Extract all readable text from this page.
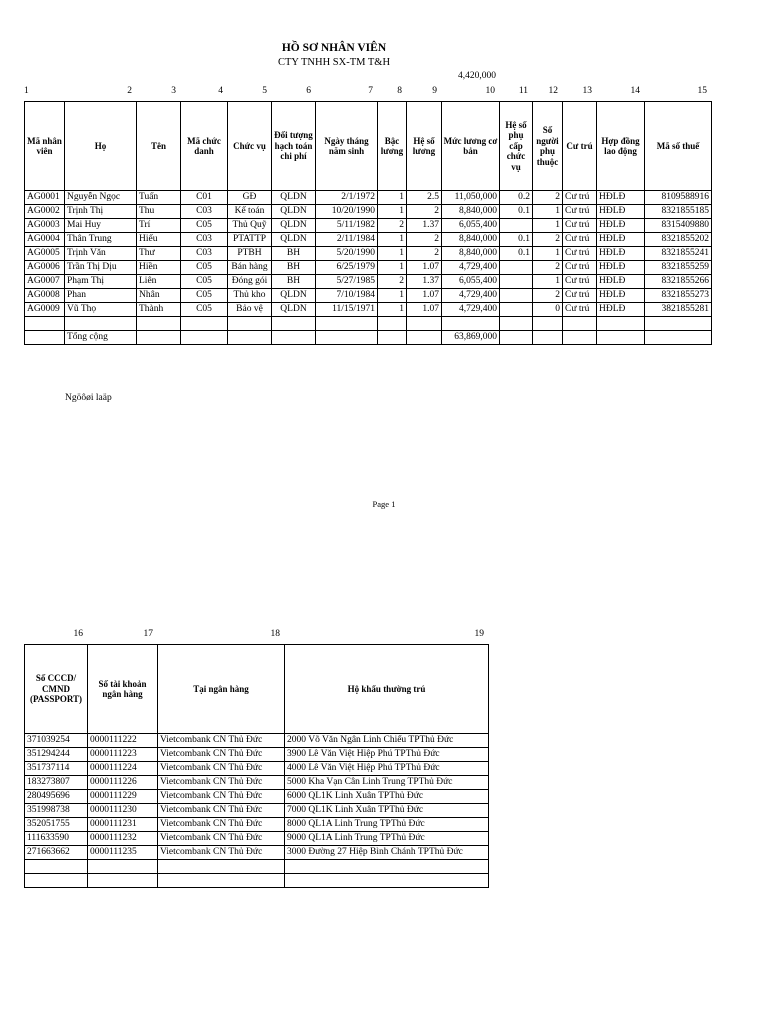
HỒ SƠ NHÂN VIÊN
CTY TNHH SX-TM T&H
4,420,000
1	2	3	4	5	6	7	8	9	10	11	12	13	14	15
Mã nhân viên	Họ	Tên	Mã chức danh	Chức vụ	Đối tượng hạch toán chi phí	Ngày tháng năm sinh	Bậc lương	Hệ số lương	Mức lương cơ bản	Hệ số phụ cấp chức vụ	Số người phụ thuộc	Cư trú	Hợp đồng lao động	Mã số thuế
AG0001	Nguyễn Ngọc	Tuấn	C01	GĐ	QLDN	2/1/1972	1	2.5	11,050,000	0.2	2	Cư trú	HĐLĐ	8109588916
AG0002	Trịnh Thị	Thu	C03	Kế toán	QLDN	10/20/1990	1	2	8,840,000	0.1	1	Cư trú	HĐLĐ	8321855185
AG0003	Mai Huy	Trí	C05	Thủ Quỹ	QLDN	5/11/1982	2	1.37	6,055,400		1	Cư trú	HĐLĐ	8315409880
AG0004	Thân Trung	Hiếu	C03	PTATTP	QLDN	2/11/1984	1	2	8,840,000	0.1	2	Cư trú	HĐLĐ	8321855202
AG0005	Trịnh Văn	Thư	C03	PTBH	BH	5/20/1990	1	2	8,840,000	0.1	1	Cư trú	HĐLĐ	8321855241
AG0006	Trần Thị Dịu	Hiền	C05	Bán hàng	BH	6/25/1979	1	1.07	4,729,400		2	Cư trú	HĐLĐ	8321855259
AG0007	Phạm Thị	Liên	C05	Đóng gói	BH	5/27/1985	2	1.37	6,055,400		1	Cư trú	HĐLĐ	8321855266
AG0008	Phan	Nhân	C05	Thủ kho	QLDN	7/10/1984	1	1.07	4,729,400		2	Cư trú	HĐLĐ	8321855273
AG0009	Vũ Thọ	Thành	C05	Bảo vệ	QLDN	11/15/1971	1	1.07	4,729,400		0	Cư trú	HĐLĐ	3821855281

	Tổng cộng								63,869,000					
Ngöôøi laäp
Page 1
16	17	18	19
Số CCCD/ CMND (PASSPORT)	Số tài khoản ngân hàng	Tại ngân hàng	Hộ khẩu thường trú
371039254	0000111222	Vietcombank CN Thủ Đức	2000 Võ Văn Ngân Linh Chiểu TPThủ Đức
351294244	0000111223	Vietcombank CN Thủ Đức	3900 Lê Văn Việt Hiệp Phú TPThủ Đức
351737114	0000111224	Vietcombank CN Thủ Đức	4000 Lê Văn Việt Hiệp Phú TPThủ Đức
183273807	0000111226	Vietcombank CN Thủ Đức	5000 Kha Vạn Cân Linh Trung TPThủ Đức
280495696	0000111229	Vietcombank CN Thủ Đức	6000 QL1K Linh Xuân TPThủ Đức
351998738	0000111230	Vietcombank CN Thủ Đức	7000 QL1K Linh Xuân TPThủ Đức
352051755	0000111231	Vietcombank CN Thủ Đức	8000 QL1A Linh Trung TPThủ Đức
111633590	0000111232	Vietcombank CN Thủ Đức	9000 QL1A Linh Trung TPThủ Đức
271663662	0000111235	Vietcombank CN Thủ Đức	3000 Đường 27 Hiệp Bình Chánh TPThủ Đức
